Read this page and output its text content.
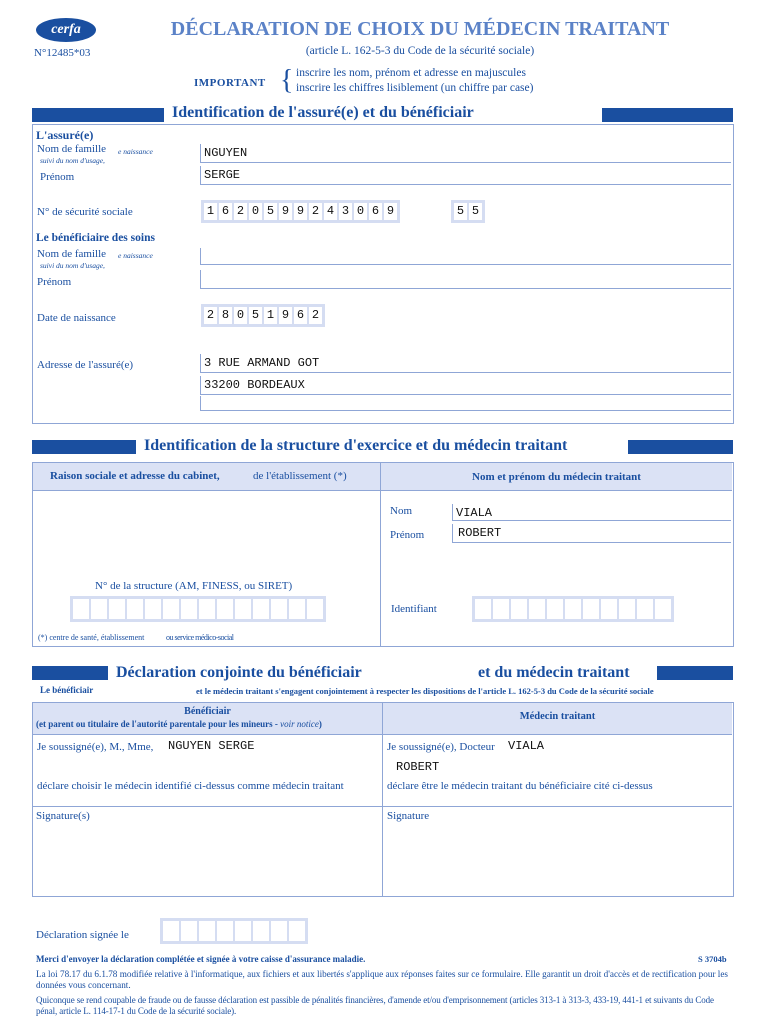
cerfa
N°12485*03
DÉCLARATION DE CHOIX DU MÉDECIN TRAITANT
(article L. 162-5-3 du Code de la sécurité sociale)
IMPORTANT { inscrire les nom, prénom et adresse en majuscules
inscrire les chiffres lisiblement (un chiffre par case)
Identification de l'assuré(e) et du bénéficiair
L'assuré(e)
Nom de famille e naissance
suivi du nom d'usage,
NGUYEN
Prénom	SERGE
N° de sécurité sociale	1 6 2 0 5 9 9 2 4 3 0 6 9	5 5
Le bénéficiaire des soins
Nom de famille e naissance
suivi du nom d'usage,
Prénom
Date de naissance	2 8 0 5 1 9 6 2
Adresse de l'assuré(e)	3 RUE ARMAND GOT
33200 BORDEAUX
Identification de la structure d'exercice et du médecin traitant
Raison sociale et adresse du cabinet,	de l'établissement (*)	Nom et prénom du médecin traitant
Nom	VIALA
Prénom	ROBERT
N° de la structure (AM, FINESS, ou SIRET)
Identifiant
(*) centre de santé, établissement	ou service médico-social
Déclaration conjointe du bénéficiair	et du médecin traitant
Le bénéficiair	et le médecin traitant s'engagent conjointement à respecter les dispositions de l'article L. 162-5-3 du Code de la sécurité sociale
Bénéficiair
(et parent ou titulaire de l'autorité parentale pour les mineurs - voir notice)
Médecin traitant
Je soussigné(e), M., Mme, NGUYEN SERGE	Je soussigné(e), Docteur VIALA
ROBERT
déclare choisir le médecin identifié ci-dessus comme médecin traitant	déclare être le médecin traitant du bénéficiaire cité ci-dessus
Signature(s)	Signature
Déclaration signée le
Merci d'envoyer la déclaration complétée et signée à votre caisse d'assurance maladie.	S 3704b
La loi 78.17 du 6.1.78 modifiée relative à l'informatique, aux fichiers et aux libertés s'applique aux réponses faites sur ce formulaire. Elle garantit un droit d'accès et de rectification pour les données vous concernant.
Quiconque se rend coupable de fraude ou de fausse déclaration est passible de pénalités financières, d'amende et/ou d'emprisonnement (articles 313-1 à 313-3, 433-19, 441-1 et suivants du Code pénal, article L. 114-17-1 du Code de la sécurité sociale).
